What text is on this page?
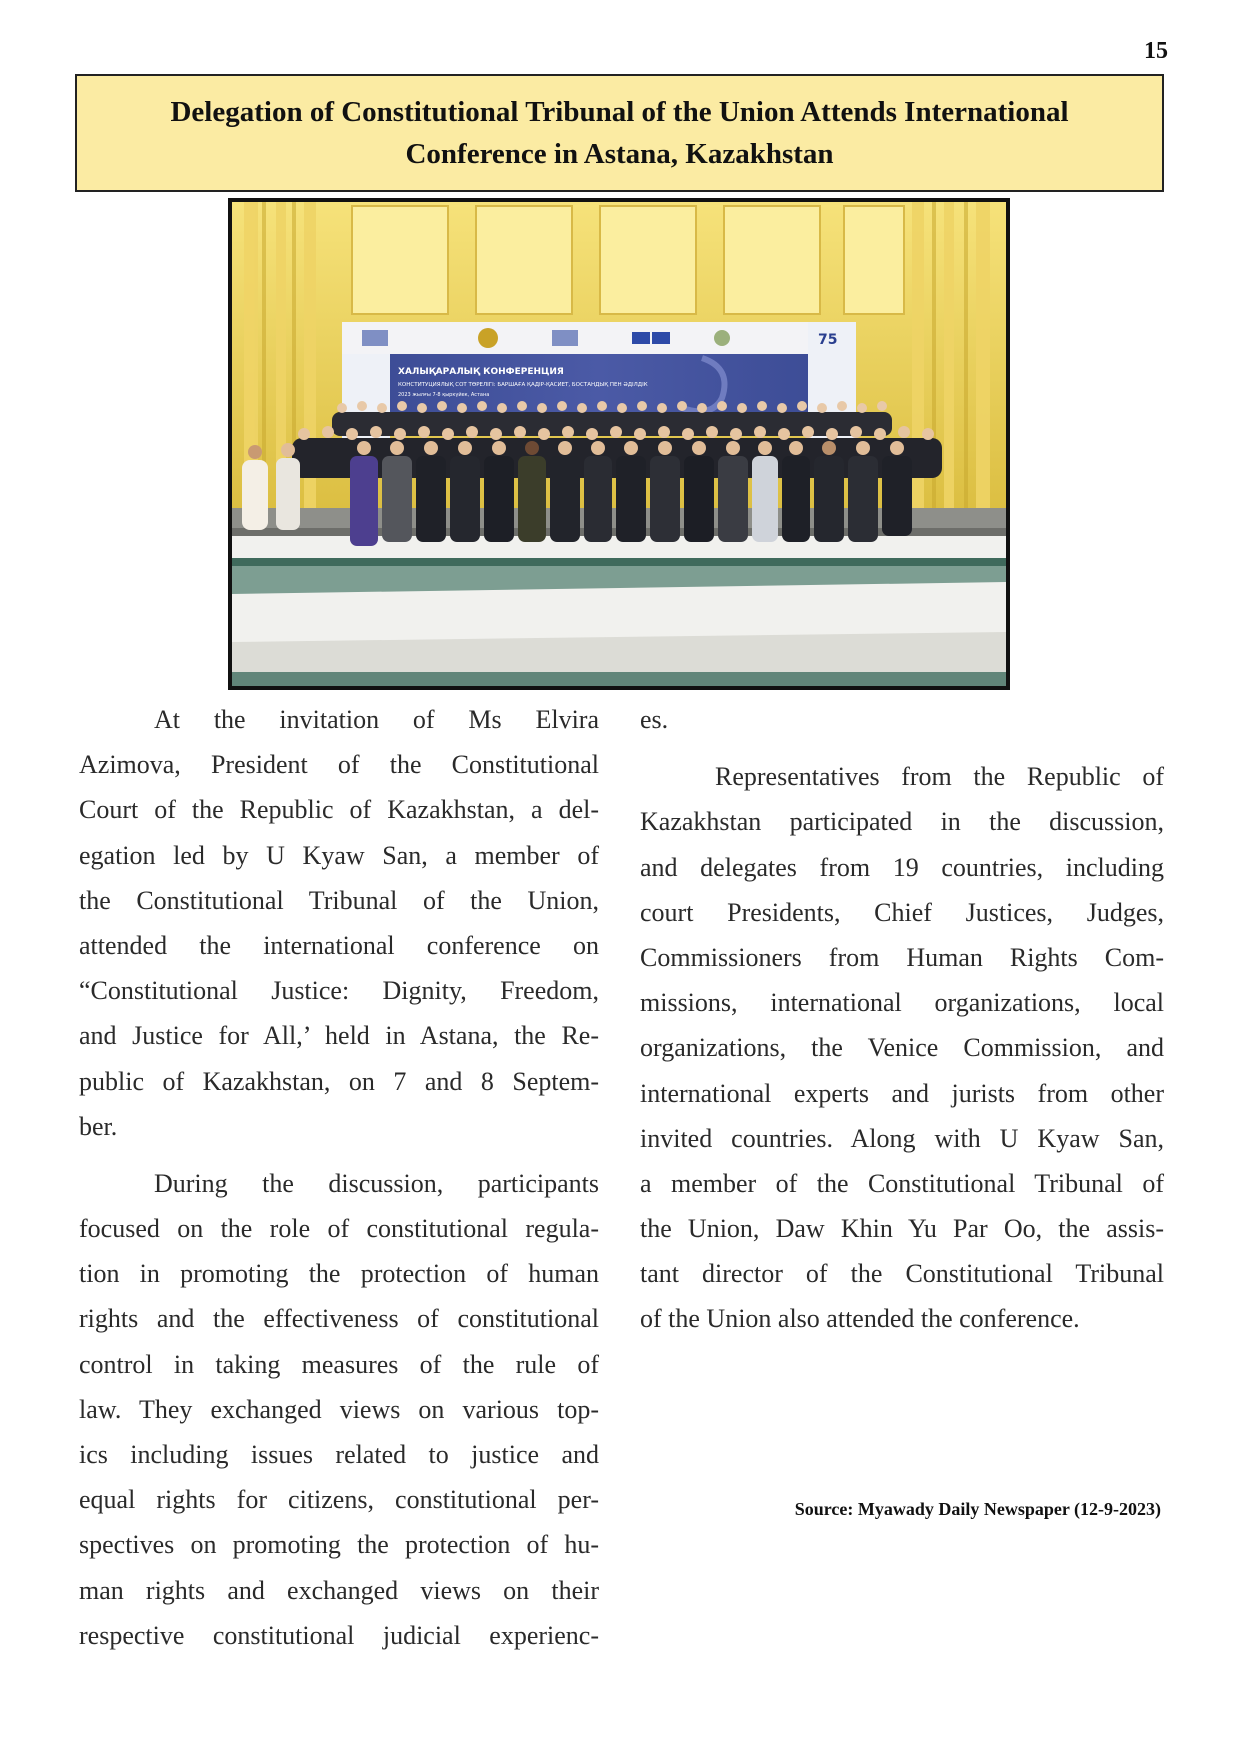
15
Delegation of Constitutional Tribunal of the Union Attends International
Conference in Astana, Kazakhstan
ХАЛЫҚАРАЛЫҚ КОНФЕРЕНЦИЯ
КОНСТИТУЦИЯЛЫҚ СОТ ТӨРЕЛІГІ: БАРШАҒА ҚАДІР-ҚАСИЕТ, БОСТАНДЫҚ ПЕН ӘДІЛДІК
2023 жылғы 7-8 қыркүйек, Астана
75
At the invitation of Ms Elvira
Azimova, President of the Constitutional
Court of the Republic of Kazakhstan, a del-
egation led by U Kyaw San, a member of
the Constitutional Tribunal of the Union,
attended the international conference on
“Constitutional Justice: Dignity, Freedom,
and Justice for All,’ held in Astana, the Re-
public of Kazakhstan, on 7 and 8 Septem-
ber.
During the discussion, participants
focused on the role of constitutional regula-
tion in promoting the protection of human
rights and the effectiveness of constitutional
control in taking measures of the rule of
law. They exchanged views on various top-
ics including issues related to justice and
equal rights for citizens, constitutional per-
spectives on promoting the protection of hu-
man rights and exchanged views on their
respective constitutional judicial experienc-
es.
Representatives from the Republic of
Kazakhstan participated in the discussion,
and delegates from 19 countries, including
court Presidents, Chief Justices, Judges,
Commissioners from Human Rights Com-
missions, international organizations, local
organizations, the Venice Commission, and
international experts and jurists from other
invited countries. Along with U Kyaw San,
a member of the Constitutional Tribunal of
the Union, Daw Khin Yu Par Oo, the assis-
tant director of the Constitutional Tribunal
of the Union also attended the conference.
Source: Myawady Daily Newspaper (12-9-2023)
